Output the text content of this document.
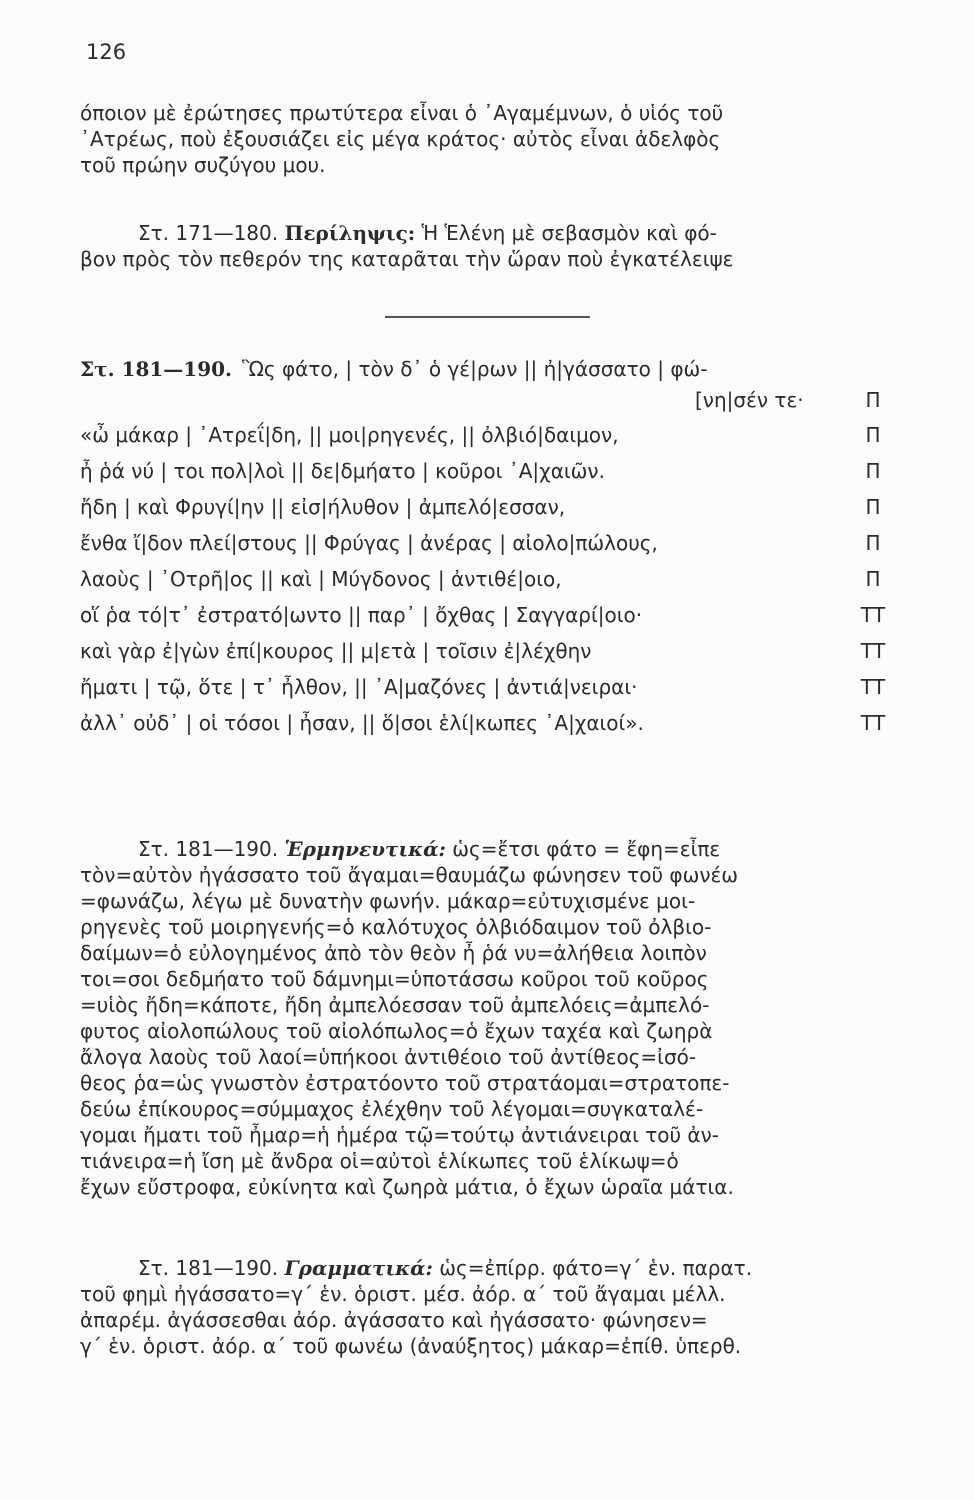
126
όποιον μὲ ἐρώτησες πρωτύτερα εἶναι ὁ ᾿Αγαμέμνων, ὁ υἱός τοῦ
᾿Ατρέως, ποὺ ἐξουσιάζει εἰς μέγα κράτος· αὐτὸς εἶναι ἀδελφὸς
τοῦ πρώην συζύγου μου.
Στ. 171—180. Περίληψις: Ἡ Ἑλένη μὲ σεβασμὸν καὶ φό-
βον πρὸς τὸν πεθερόν της καταρᾶται τὴν ὥραν ποὺ ἐγκατέλειψε
Στ. 181—190. Ὣς φάτο, | τὸν δ᾿ ὁ γέ|ρων || ἠ|γάσσατο | φώ-
[νη|σέν τε·	Π
«ὦ μάκαρ | ᾿Ατρεΐ|δη, || μοι|ρηγενές, || ὀλβιό|δαιμον,	Π
ἦ ῥά νύ | τοι πολ|λοὶ || δε|δμήατο | κοῦροι ᾿Α|χαιῶν.	Π
ἤδη | καὶ Φρυγί|ην || εἰσ|ήλυθον | ἀμπελό|εσσαν,	Π
ἔνθα ἴ|δον πλεί|στους || Φρύγας | ἀνέρας | αἰολο|πώλους,	Π
λαοὺς | ᾿Οτρῆ|ος || καὶ | Μύγδονος | ἀντιθέ|οιο,	Π
οἵ ῥα τό|τ᾿ ἐστρατό|ωντο || παρ᾿ | ὄχθας | Σαγγαρί|οιο·	ΤΤ
καὶ γὰρ ἐ|γὼν ἐπί|κουρος || μ|ετὰ | τοῖσιν ἐ|λέχθην	ΤΤ
ἤματι | τῷ, ὅτε | τ᾿ ἦλθον, || ᾿Α|μαζόνες | ἀντιά|νειραι·	ΤΤ
ἀλλ᾿ οὐδ᾿ | οἱ τόσοι | ἦσαν, || ὅ|σοι ἑλί|κωπες ᾿Α|χαιοί».	ΤΤ
Στ. 181—190. Ἑρμηνευτικά: ὡς=ἔτσι φάτο = ἔφη=εἶπε
τὸν=αὐτὸν ἠγάσσατο τοῦ ἄγαμαι=θαυμάζω φώνησεν τοῦ φωνέω
=φωνάζω, λέγω μὲ δυνατὴν φωνήν. μάκαρ=εὐτυχισμένε μοι-
ρηγενὲς τοῦ μοιρηγενής=ὁ καλότυχος ὀλβιόδαιμον τοῦ ὀλβιο-
δαίμων=ὁ εὐλογημένος ἀπὸ τὸν θεὸν ἦ ῥά νυ=ἀλήθεια λοιπὸν
τοι=σοι δεδμήατο τοῦ δάμνημι=ὑποτάσσω κοῦροι τοῦ κοῦρος
=υἱὸς ἤδη=κάποτε, ἤδη ἀμπελόεσσαν τοῦ ἀμπελόεις=ἀμπελό-
φυτος αἰολοπώλους τοῦ αἰολόπωλος=ὁ ἔχων ταχέα καὶ ζωηρὰ
ἄλογα λαοὺς τοῦ λαοί=ὑπήκοοι ἀντιθέοιο τοῦ ἀντίθεος=ἰσό-
θεος ῥα=ὡς γνωστὸν ἐστρατόοντο τοῦ στρατάομαι=στρατοπε-
δεύω ἐπίκουρος=σύμμαχος ἐλέχθην τοῦ λέγομαι=συγκαταλέ-
γομαι ἤματι τοῦ ἦμαρ=ἡ ἡμέρα τῷ=τούτῳ ἀντιάνειραι τοῦ ἀν-
τιάνειρα=ἡ ἴση μὲ ἄνδρα οἱ=αὐτοὶ ἑλίκωπες τοῦ ἑλίκωψ=ὁ
ἔχων εὔστροφα, εὐκίνητα καὶ ζωηρὰ μάτια, ὁ ἔχων ὡραῖα μάτια.
Στ. 181—190. Γραμματικά: ὡς=ἐπίρρ. φάτο=γ΄ ἑν. παρατ.
τοῦ φημὶ ἠγάσσατο=γ΄ ἑν. ὁριστ. μέσ. ἀόρ. α΄ τοῦ ἄγαμαι μέλλ.
ἀπαρέμ. ἀγάσσεσθαι ἀόρ. ἀγάσσατο καὶ ἠγάσσατο· φώνησεν=
γ΄ ἑν. ὁριστ. ἀόρ. α΄ τοῦ φωνέω (ἀναύξητος) μάκαρ=ἐπίθ. ὑπερθ.
